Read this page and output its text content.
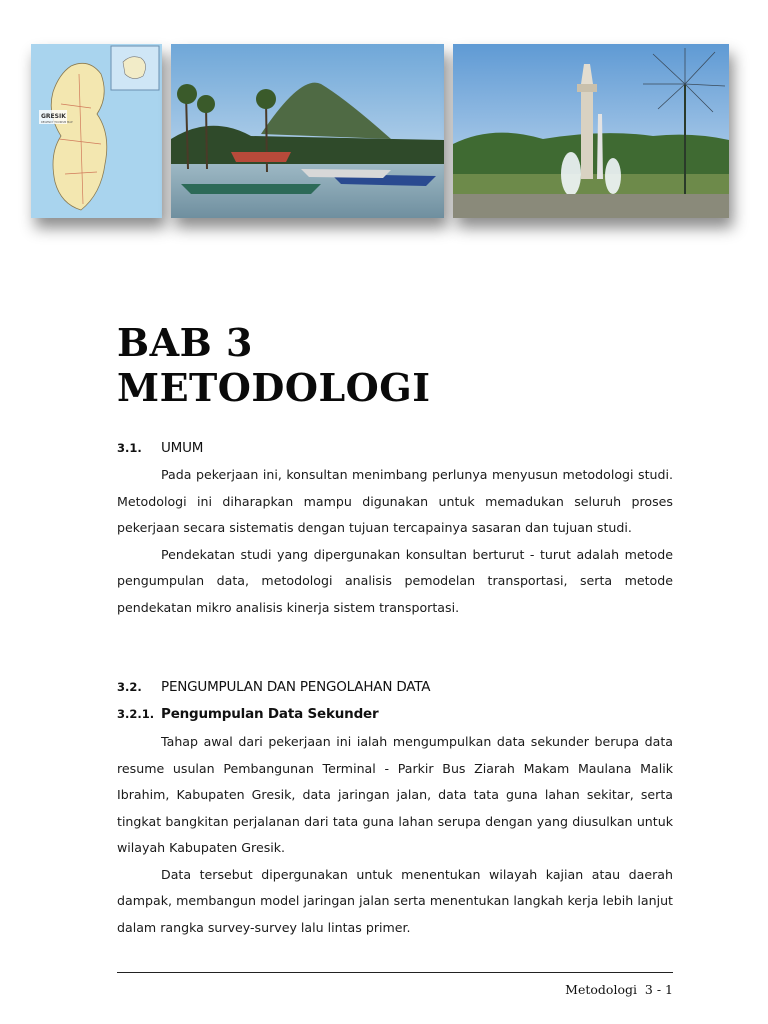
GRESIK
REGENCY TOURISM MAP
BAB 3
METODOLOGI
3.1.	UMUM

Pada pekerjaan ini, konsultan menimbang perlunya menyusun metodologi studi. Metodologi ini diharapkan mampu digunakan untuk memadukan seluruh proses pekerjaan secara sistematis dengan tujuan tercapainya sasaran dan tujuan studi.

Pendekatan studi yang dipergunakan konsultan berturut - turut adalah metode pengumpulan data, metodologi analisis pemodelan transportasi, serta metode pendekatan mikro analisis kinerja sistem transportasi.

3.2.	PENGUMPULAN DAN PENGOLAHAN DATA
3.2.1. Pengumpulan Data Sekunder

Tahap awal dari pekerjaan ini ialah mengumpulkan data sekunder berupa data resume usulan Pembangunan Terminal - Parkir Bus Ziarah Makam Maulana Malik Ibrahim, Kabupaten Gresik, data jaringan jalan, data tata guna lahan sekitar, serta tingkat bangkitan perjalanan dari tata guna lahan serupa dengan yang diusulkan untuk wilayah Kabupaten Gresik.

Data tersebut dipergunakan untuk menentukan wilayah kajian atau daerah dampak, membangun model jaringan jalan serta menentukan langkah kerja lebih lanjut dalam rangka survey-survey lalu lintas primer.

Metodologi  3 - 1
